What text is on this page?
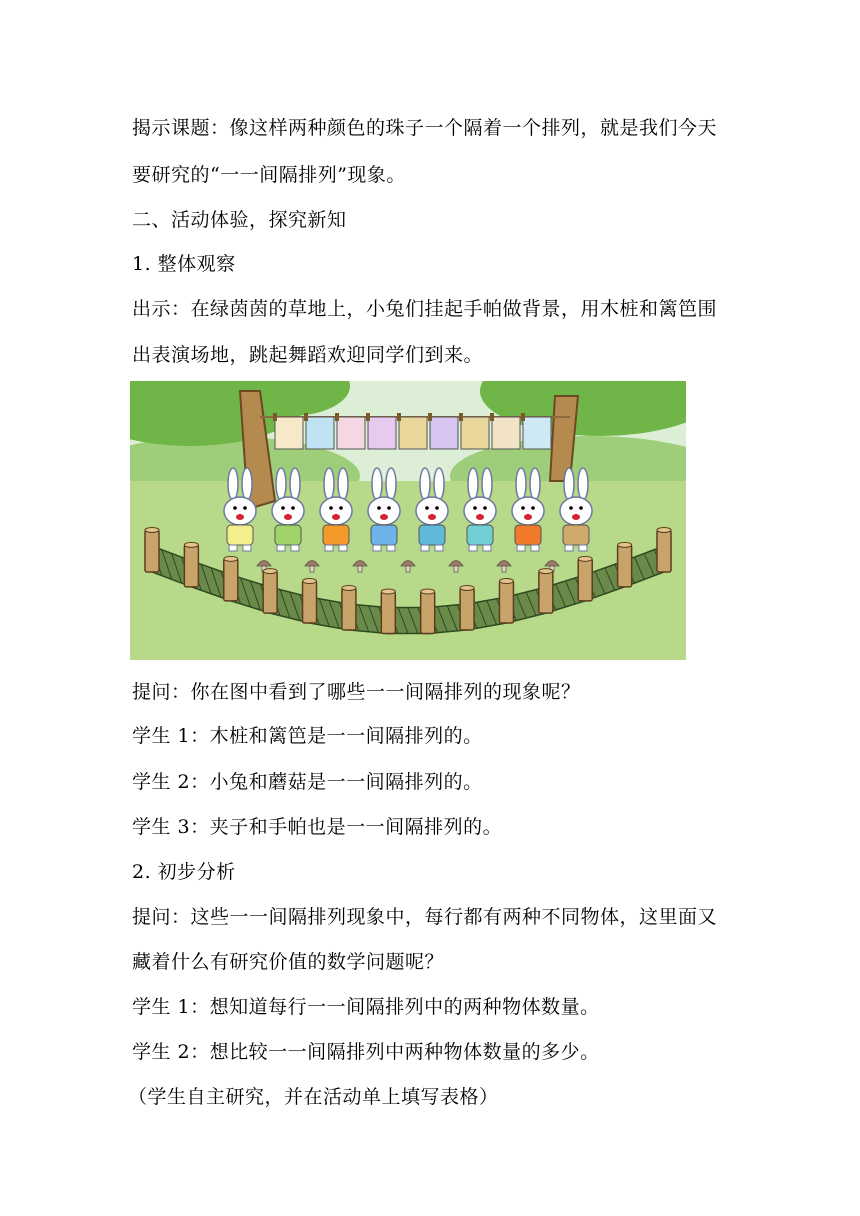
揭示课题：像这样两种颜色的珠子一个隔着一个排列，就是我们今天
要研究的“一一间隔排列”现象。
二、活动体验，探究新知
1. 整体观察
出示：在绿茵茵的草地上，小兔们挂起手帕做背景，用木桩和篱笆围
出表演场地，跳起舞蹈欢迎同学们到来。
提问：你在图中看到了哪些一一间隔排列的现象呢？
学生 1：木桩和篱笆是一一间隔排列的。
学生 2：小兔和蘑菇是一一间隔排列的。
学生 3：夹子和手帕也是一一间隔排列的。
2. 初步分析
提问：这些一一间隔排列现象中，每行都有两种不同物体，这里面又
藏着什么有研究价值的数学问题呢？
学生 1：想知道每行一一间隔排列中的两种物体数量。
学生 2：想比较一一间隔排列中两种物体数量的多少。
（学生自主研究，并在活动单上填写表格）
